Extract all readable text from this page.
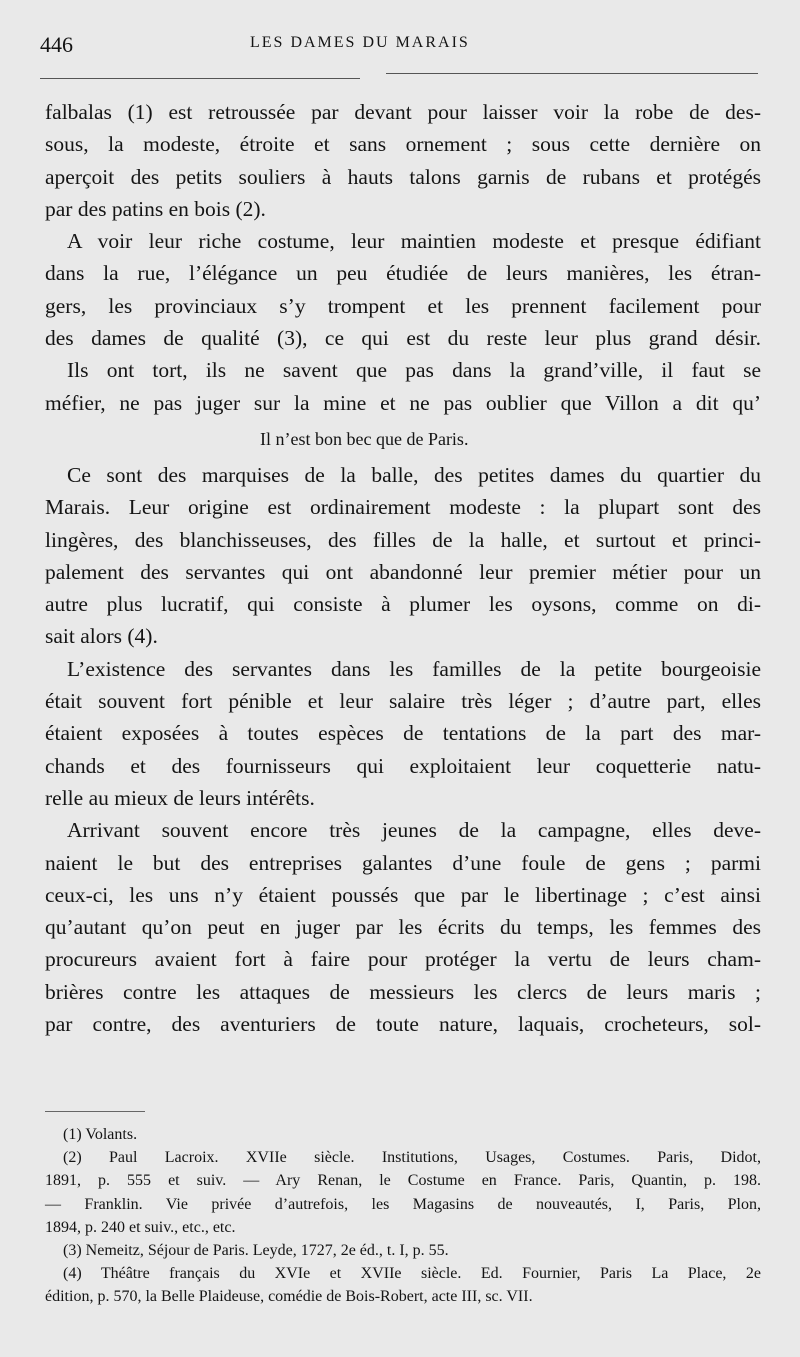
446	LES DAMES DU MARAIS
falbalas (1) est retroussée par devant pour laisser voir la robe de des-
sous, la modeste, étroite et sans ornement ; sous cette dernière on
aperçoit des petits souliers à hauts talons garnis de rubans et protégés
par des patins en bois (2).
A voir leur riche costume, leur maintien modeste et presque édifiant
dans la rue, l’élégance un peu étudiée de leurs manières, les étran-
gers, les provinciaux s’y trompent et les prennent facilement pour
des dames de qualité (3), ce qui est du reste leur plus grand désir.
Ils ont tort, ils ne savent que pas dans la grand’ville, il faut se
méfier, ne pas juger sur la mine et ne pas oublier que Villon a dit qu’
Il n’est bon bec que de Paris.
Ce sont des marquises de la balle, des petites dames du quartier du
Marais. Leur origine est ordinairement modeste : la plupart sont des
lingères, des blanchisseuses, des filles de la halle, et surtout et princi-
palement des servantes qui ont abandonné leur premier métier pour un
autre plus lucratif, qui consiste à plumer les oysons, comme on di-
sait alors (4).
L’existence des servantes dans les familles de la petite bourgeoisie
était souvent fort pénible et leur salaire très léger ; d’autre part, elles
étaient exposées à toutes espèces de tentations de la part des mar-
chands et des fournisseurs qui exploitaient leur coquetterie natu-
relle au mieux de leurs intérêts.
Arrivant souvent encore très jeunes de la campagne, elles deve-
naient le but des entreprises galantes d’une foule de gens ; parmi
ceux-ci, les uns n’y étaient poussés que par le libertinage ; c’est ainsi
qu’autant qu’on peut en juger par les écrits du temps, les femmes des
procureurs avaient fort à faire pour protéger la vertu de leurs cham-
brières contre les attaques de messieurs les clercs de leurs maris ;
par contre, des aventuriers de toute nature, laquais, crocheteurs, sol-
(1) Volants.
(2) Paul Lacroix. XVIIe siècle. Institutions, Usages, Costumes. Paris, Didot,
1891, p. 555 et suiv. — Ary Renan, le Costume en France. Paris, Quantin, p. 198.
— Franklin. Vie privée d’autrefois, les Magasins de nouveautés, I, Paris, Plon,
1894, p. 240 et suiv., etc., etc.
(3) Nemeitz, Séjour de Paris. Leyde, 1727, 2e éd., t. I, p. 55.
(4) Théâtre français du XVIe et XVIIe siècle. Ed. Fournier, Paris La Place, 2e
édition, p. 570, la Belle Plaideuse, comédie de Bois-Robert, acte III, sc. VII.
